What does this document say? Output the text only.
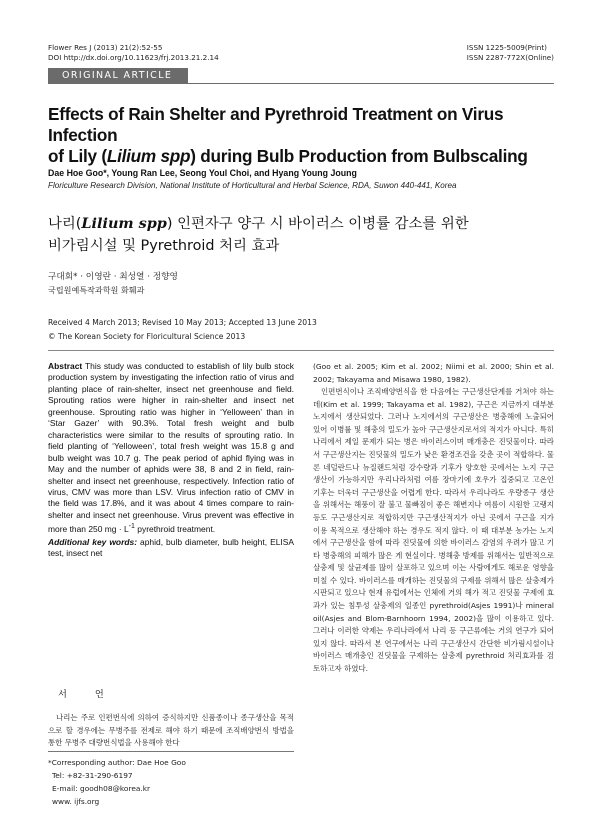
Flower Res J (2013) 21(2):52-55
DOI http://dx.doi.org/10.11623/frj.2013.21.2.14
ISSN 1225-5009(Print)
ISSN 2287-772X(Online)
ORIGINAL ARTICLE
Effects of Rain Shelter and Pyrethroid Treatment on Virus Infection
of Lily (Lilium spp) during Bulb Production from Bulbscaling
Dae Hoe Goo*, Young Ran Lee, Seong Youl Choi, and Hyang Young Joung
Floriculture Research Division, National Institute of Horticultural and Herbal Science, RDA, Suwon 440-441, Korea
나리(Lilium spp) 인편자구 양구 시 바이러스 이병률 감소를 위한
비가림시설 및 Pyrethroid 처리 효과
구대회* · 이영란 · 최성열 · 정향영
국립원예특작과학원 화훼과
Received 4 March 2013; Revised 10 May 2013; Accepted 13 June 2013
© The Korean Society for Floricultural Science 2013
Abstract This study was conducted to establish of lily bulb stock production system by investigating the infection ratio of virus and planting place of rain-shelter, insect net greenhouse and field. Sprouting ratios were higher in rain-shelter and insect net greenhouse. Sprouting ratio was higher in ‘Yelloween’ than in ‘Star Gazer’ with 90.3%. Total fresh weight and bulb characteristics were similar to the results of sprouting ratio. In field planting of ‘Yelloween’, total fresh weight was 15.8 g and bulb weight was 10.7 g. The peak period of aphid flying was in May and the number of aphids were 38, 8 and 2 in field, rain-shelter and insect net greenhouse, respectively. Infection ratio of virus, CMV was more than LSV. Virus infection ratio of CMV in the field was 17.8%, and it was about 4 times compare to rain-shelter and insect net greenhouse. Virus prevent was effective in more than 250 mg · $L^{-1}$ pyrethroid treatment.
Additional key words: aphid, bulb diameter, bulb height, ELISA test, insect net
서 언
나리는 주로 인편번식에 의하여 증식하지만 신품종이나 종구생산을 목적으로 할 경우에는 무병주를 전제로 해야 하기 때문에 조직배양번식 방법을 통한 무병주 대량번식법을 사용해야 한다
*Corresponding author: Dae Hoe Goo
Tel: +82-31-290-6197
E-mail: goodh08@korea.kr
www. ijfs.org

(Goo et al. 2005; Kim et al. 2002; Niimi et al. 2000; Shin et al. 2002; Takayama and Misawa 1980, 1982).

인편번식이나 조직배양번식을 한 다음에는 구근생산단계를 거쳐야 하는데(Kim et al. 1999; Takayama et al. 1982), 구근은 지금까지 대부분 노지에서 생산되었다. 그러나 노지에서의 구근생산은 병충해에 노출되어 있어 이병률 및 해충의 밀도가 높아 구근생산지로서의 적지가 아니다. 특히 나리에서 제일 문제가 되는 병은 바이러스이며 매개충은 진딧물이다. 따라서 구근생산지는 진딧물의 밀도가 낮은 환경조건을 갖춘 곳이 적합하다. 물론 네덜란드나 뉴질랜드처럼 강수량과 기후가 양호한 곳에서는 노지 구근생산이 가능하지만 우리나라처럼 여름 장마기에 호우가 집중되고 고온인 기후는 더욱더 구근생산을 어렵게 한다. 따라서 우리나라도 우량종구 생산을 위해서는 해풍이 잘 불고 물빠짐이 좋은 해변지나 여름이 시원한 고랭지 등도 구근생산지로 적합하지만 구근생산적지가 아닌 곳에서 구근을 지가 이용 목적으로 생산해야 하는 경우도 적지 않다. 이 때 대부분 농가는 노지에서 구근생산을 함에 따라 진딧물에 의한 바이러스 감염의 우려가 많고 기타 병충해의 피해가 많은 게 현실이다. 병해충 방제를 위해서는 일반적으로 살충제 및 살균제를 많이 살포하고 있으며 이는 사람에게도 해로운 영향을 미칠 수 있다. 바이러스를 매개하는 진딧물의 구제를 위해서 많은 살충제가 시판되고 있으나 현재 유럽에서는 인체에 거의 해가 적고 진딧물 구제에 효과가 있는 침투성 살충제의 일종인 pyrethroid(Asjes 1991)나 mineral oil(Asjes and Blom-Barnhoorn 1994, 2002)을 많이 이용하고 있다. 그러나 이러한 약제는 우리나라에서 나리 등 구근류에는 거의 연구가 되어있지 않다. 따라서 본 연구에서는 나리 구근생산시 간단한 비가림시설이나 바이러스 매개충인 진딧물을 구제하는 살충제 pyrethroid 처리효과를 검토하고자 하였다.
